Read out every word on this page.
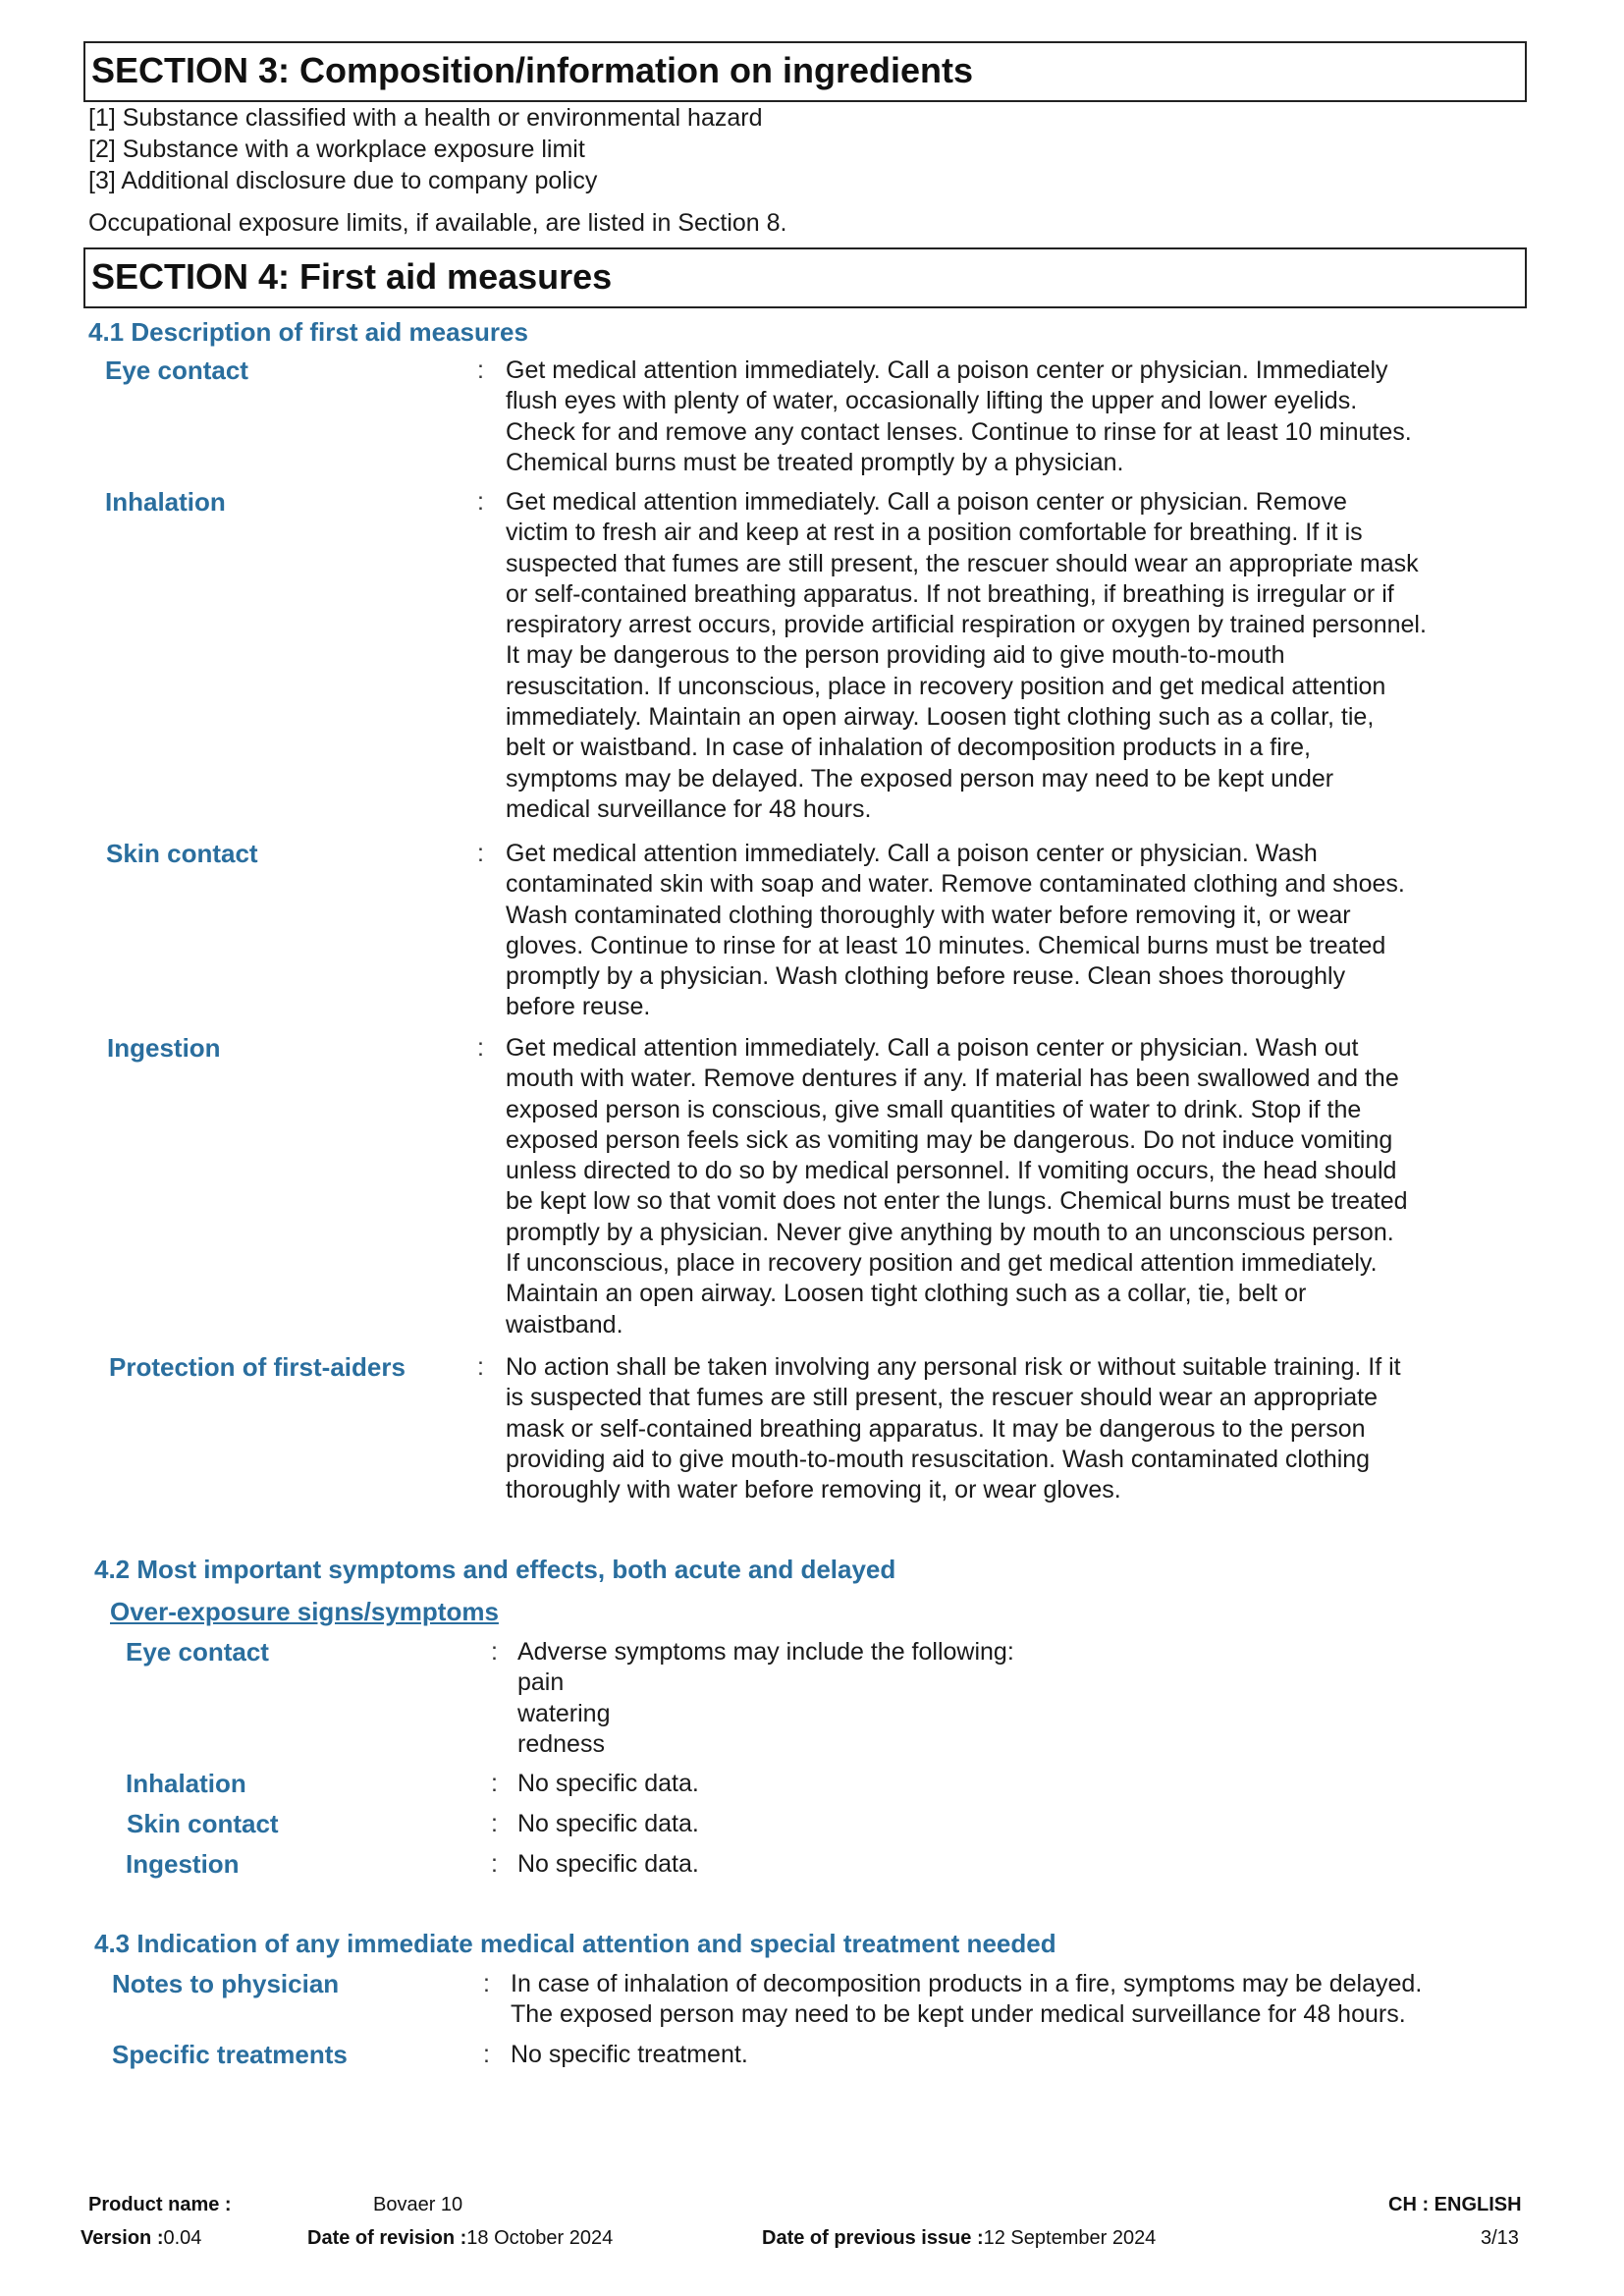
SECTION 3: Composition/information on ingredients
[1] Substance classified with a health or environmental hazard
[2] Substance with a workplace exposure limit
[3] Additional disclosure due to company policy
Occupational exposure limits, if available, are listed in Section 8.
SECTION 4: First aid measures
4.1 Description of first aid measures
Eye contact	: Get medical attention immediately. Call a poison center or physician. Immediately
flush eyes with plenty of water, occasionally lifting the upper and lower eyelids.
Check for and remove any contact lenses. Continue to rinse for at least 10 minutes.
Chemical burns must be treated promptly by a physician.
Inhalation	: Get medical attention immediately. Call a poison center or physician. Remove
victim to fresh air and keep at rest in a position comfortable for breathing. If it is
suspected that fumes are still present, the rescuer should wear an appropriate mask
or self-contained breathing apparatus. If not breathing, if breathing is irregular or if
respiratory arrest occurs, provide artificial respiration or oxygen by trained personnel.
It may be dangerous to the person providing aid to give mouth-to-mouth
resuscitation. If unconscious, place in recovery position and get medical attention
immediately. Maintain an open airway. Loosen tight clothing such as a collar, tie,
belt or waistband. In case of inhalation of decomposition products in a fire,
symptoms may be delayed. The exposed person may need to be kept under
medical surveillance for 48 hours.
Skin contact	: Get medical attention immediately. Call a poison center or physician. Wash
contaminated skin with soap and water. Remove contaminated clothing and shoes.
Wash contaminated clothing thoroughly with water before removing it, or wear
gloves. Continue to rinse for at least 10 minutes. Chemical burns must be treated
promptly by a physician. Wash clothing before reuse. Clean shoes thoroughly
before reuse.
Ingestion	: Get medical attention immediately. Call a poison center or physician. Wash out
mouth with water. Remove dentures if any. If material has been swallowed and the
exposed person is conscious, give small quantities of water to drink. Stop if the
exposed person feels sick as vomiting may be dangerous. Do not induce vomiting
unless directed to do so by medical personnel. If vomiting occurs, the head should
be kept low so that vomit does not enter the lungs. Chemical burns must be treated
promptly by a physician. Never give anything by mouth to an unconscious person.
If unconscious, place in recovery position and get medical attention immediately.
Maintain an open airway. Loosen tight clothing such as a collar, tie, belt or
waistband.
Protection of first-aiders	: No action shall be taken involving any personal risk or without suitable training. If it
is suspected that fumes are still present, the rescuer should wear an appropriate
mask or self-contained breathing apparatus. It may be dangerous to the person
providing aid to give mouth-to-mouth resuscitation. Wash contaminated clothing
thoroughly with water before removing it, or wear gloves.
4.2 Most important symptoms and effects, both acute and delayed
Over-exposure signs/symptoms
Eye contact	: Adverse symptoms may include the following:
pain
watering
redness
Inhalation	: No specific data.
Skin contact	: No specific data.
Ingestion	: No specific data.
4.3 Indication of any immediate medical attention and special treatment needed
Notes to physician	: In case of inhalation of decomposition products in a fire, symptoms may be delayed.
The exposed person may need to be kept under medical surveillance for 48 hours.
Specific treatments	: No specific treatment.
Product name :	Bovaer 10	CH : ENGLISH
Version :0.04	Date of revision :18 October 2024	Date of previous issue :12 September 2024	3/13
